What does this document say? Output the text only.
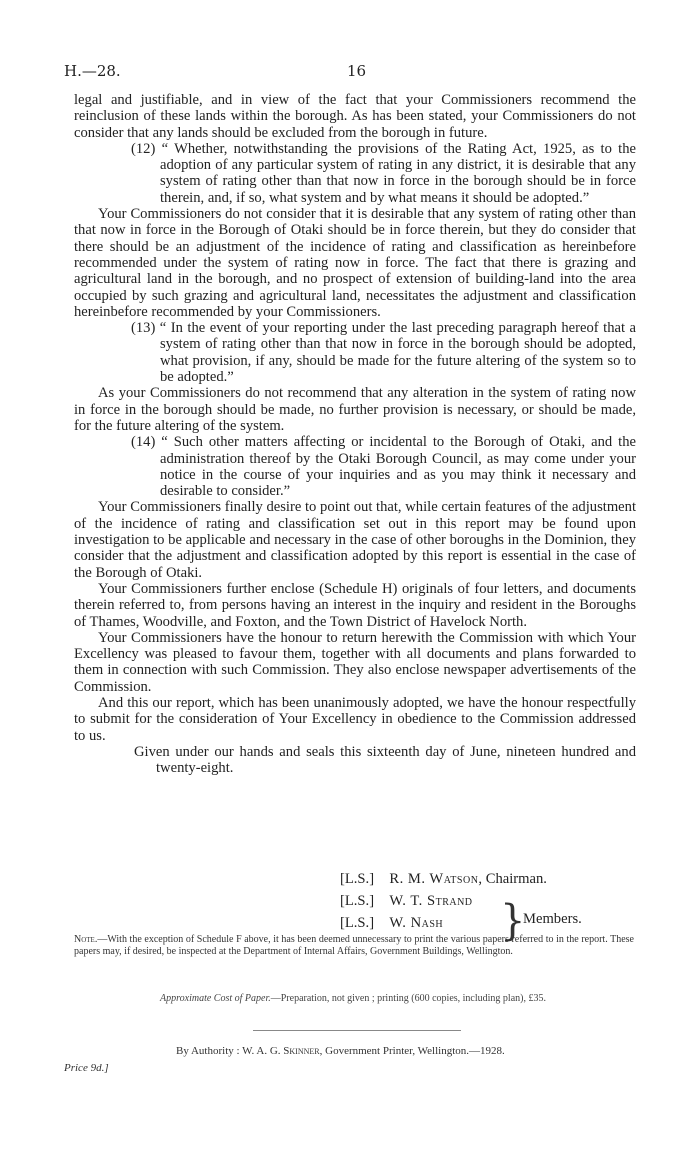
H.—28.	16

legal and justifiable, and in view of the fact that your Commissioners recommend the reinclusion of these lands within the borough. As has been stated, your Commissioners do not consider that any lands should be excluded from the borough in future.

(12) “ Whether, notwithstanding the provisions of the Rating Act, 1925, as to the adoption of any particular system of rating in any district, it is desirable that any system of rating other than that now in force in the borough should be in force therein, and, if so, what system and by what means it should be adopted.”

Your Commissioners do not consider that it is desirable that any system of rating other than that now in force in the Borough of Otaki should be in force therein, but they do consider that there should be an adjustment of the incidence of rating and classification as hereinbefore recommended under the system of rating now in force. The fact that there is grazing and agricultural land in the borough, and no prospect of extension of building-land into the area occupied by such grazing and agricultural land, necessitates the adjustment and classification hereinbefore recommended by your Commissioners.

(13) “ In the event of your reporting under the last preceding paragraph hereof that a system of rating other than that now in force in the borough should be adopted, what provision, if any, should be made for the future altering of the system so to be adopted.”

As your Commissioners do not recommend that any alteration in the system of rating now in force in the borough should be made, no further provision is necessary, or should be made, for the future altering of the system.

(14) “ Such other matters affecting or incidental to the Borough of Otaki, and the administration thereof by the Otaki Borough Council, as may come under your notice in the course of your inquiries and as you may think it necessary and desirable to consider.”

Your Commissioners finally desire to point out that, while certain features of the adjustment of the incidence of rating and classification set out in this report may be found upon investigation to be applicable and necessary in the case of other boroughs in the Dominion, they consider that the adjustment and classification adopted by this report is essential in the case of the Borough of Otaki.

Your Commissioners further enclose (Schedule H) originals of four letters, and documents therein referred to, from persons having an interest in the inquiry and resident in the Boroughs of Thames, Woodville, and Foxton, and the Town District of Havelock North.

Your Commissioners have the honour to return herewith the Commission with which Your Excellency was pleased to favour them, together with all documents and plans forwarded to them in connection with such Commission. They also enclose newspaper advertisements of the Commission.

And this our report, which has been unanimously adopted, we have the honour respectfully to submit for the consideration of Your Excellency in obedience to the Commission addressed to us.

Given under our hands and seals this sixteenth day of June, nineteen hundred and twenty-eight.

[L.S.] R. M. Watson, Chairman.
[L.S.] W. T. Strand
[L.S.] W. Nash }
Members.
Note.—With the exception of Schedule F above, it has been deemed unnecessary to print the various papers referred to in the report. These papers may, if desired, be inspected at the Department of Internal Affairs, Government Buildings, Wellington.
Approximate Cost of Paper.—Preparation, not given ; printing (600 copies, including plan), £35.
By Authority : W. A. G. Skinner, Government Printer, Wellington.—1928.
Price 9d.]
